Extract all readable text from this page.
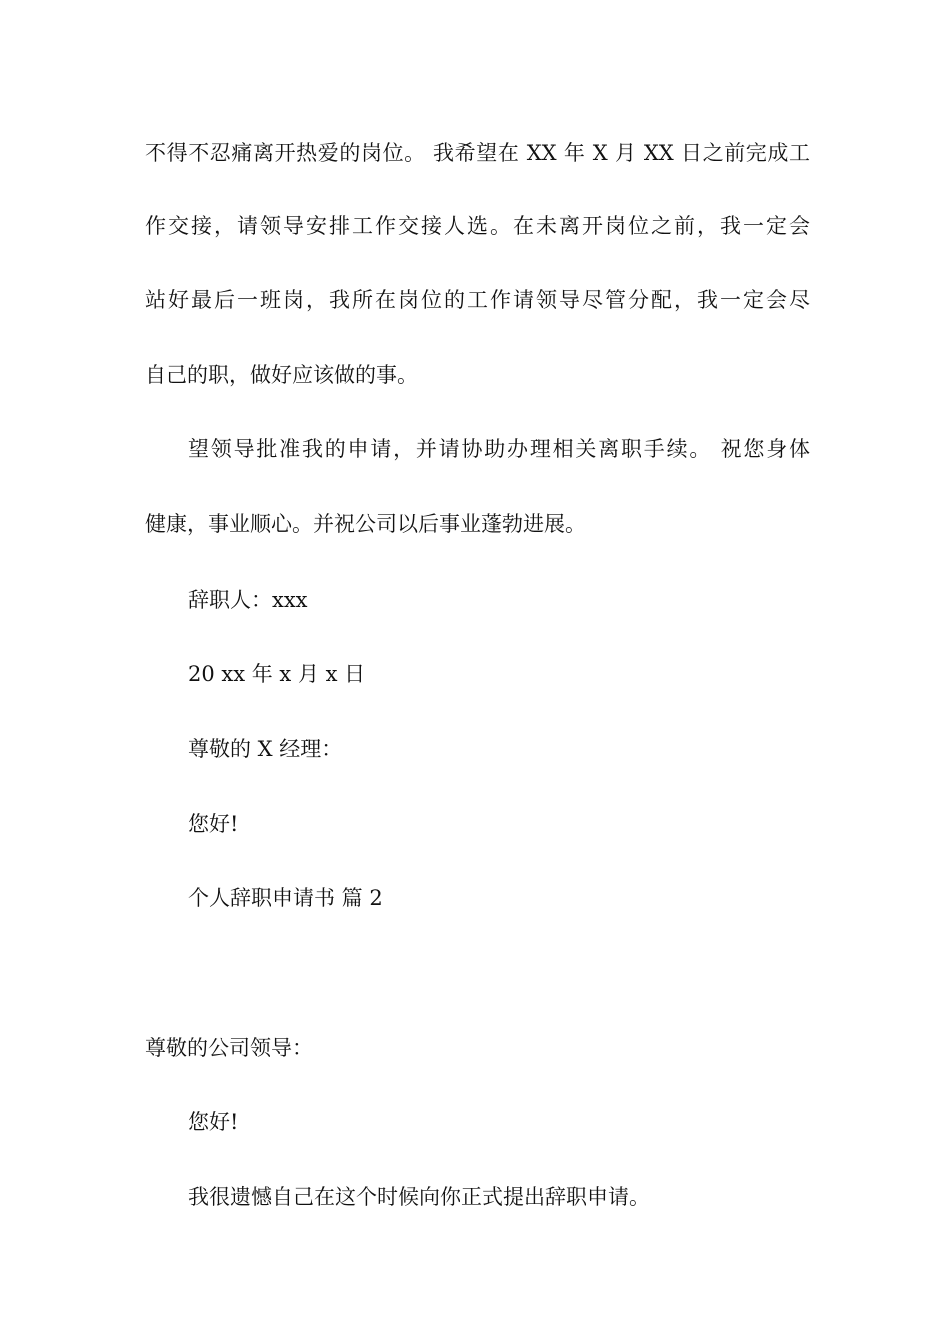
不得不忍痛离开热爱的岗位。 我希望在 XX 年 X 月 XX 日之前完成工
作交接，请领导安排工作交接人选。在未离开岗位之前，我一定会
站好最后一班岗，我所在岗位的工作请领导尽管分配，我一定会尽
自己的职，做好应该做的事。
望领导批准我的申请，并请协助办理相关离职手续。 祝您身体
健康，事业顺心。并祝公司以后事业蓬勃进展。
辞职人：xxx
20 xx 年 x 月 x 日
尊敬的 X 经理：
您好!
个人辞职申请书 篇 2
尊敬的公司领导：
您好!
我很遗憾自己在这个时候向你正式提出辞职申请。
